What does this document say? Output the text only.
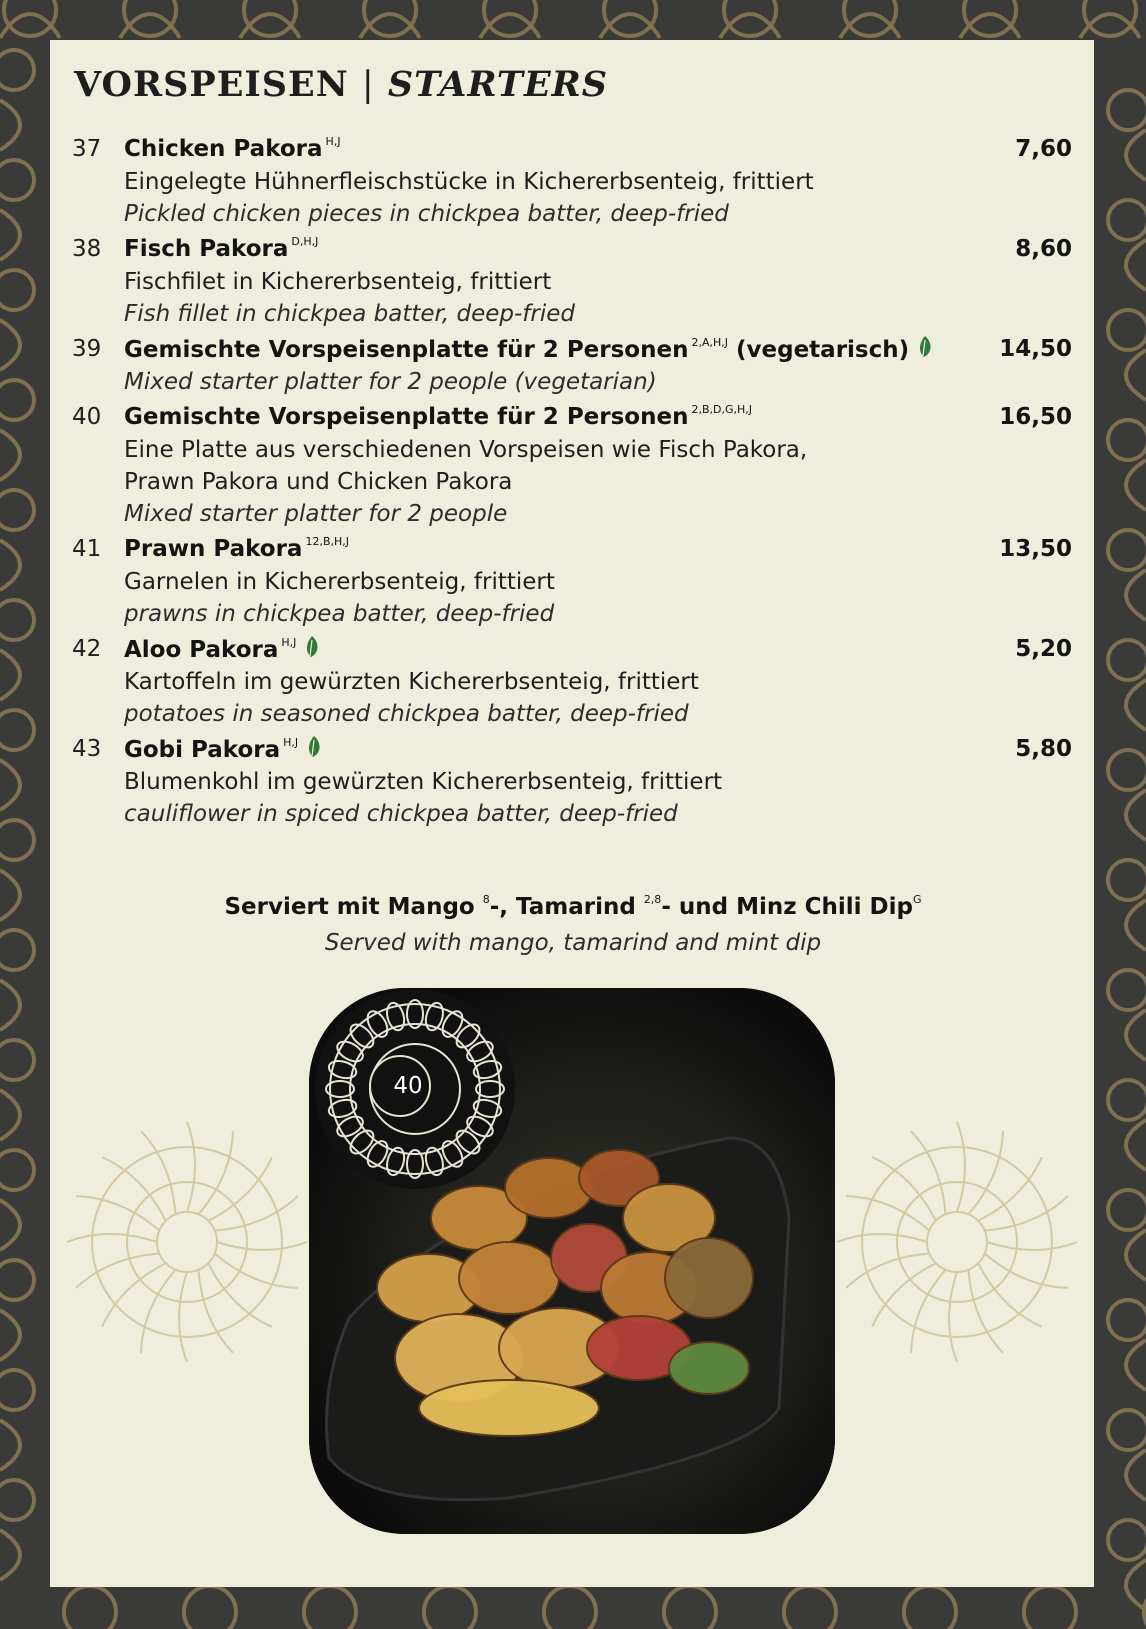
VORSPEISEN | STARTERS
37 Chicken Pakora $^{H,J}$	7,60
Eingelegte Hühnerfleischstücke in Kichererbsenteig, frittiert
Pickled chicken pieces in chickpea batter, deep-fried
38 Fisch Pakora $^{D,H,J}$	8,60
Fischfilet in Kichererbsenteig, frittiert
Fish fillet in chickpea batter, deep-fried
39 Gemischte Vorspeisenplatte für 2 Personen $^{2,A,H,J}$ (vegetarisch)	14,50
Mixed starter platter for 2 people (vegetarian)
40 Gemischte Vorspeisenplatte für 2 Personen $^{2,B,D,G,H,J}$	16,50
Eine Platte aus verschiedenen Vorspeisen wie Fisch Pakora,
Prawn Pakora und Chicken Pakora
Mixed starter platter for 2 people
41 Prawn Pakora $^{12,B,H,J}$	13,50
Garnelen in Kichererbsenteig, frittiert
prawns in chickpea batter, deep-fried
42 Aloo Pakora $^{H,J}$	5,20
Kartoffeln im gewürzten Kichererbsenteig, frittiert
potatoes in seasoned chickpea batter, deep-fried
43 Gobi Pakora $^{H,J}$	5,80
Blumenkohl im gewürzten Kichererbsenteig, frittiert
cauliflower in spiced chickpea batter, deep-fried
Serviert mit Mango $^8$-, Tamarind $^{2,8}$- und Minz Chili Dip$^G$
Served with mango, tamarind and mint dip
40
